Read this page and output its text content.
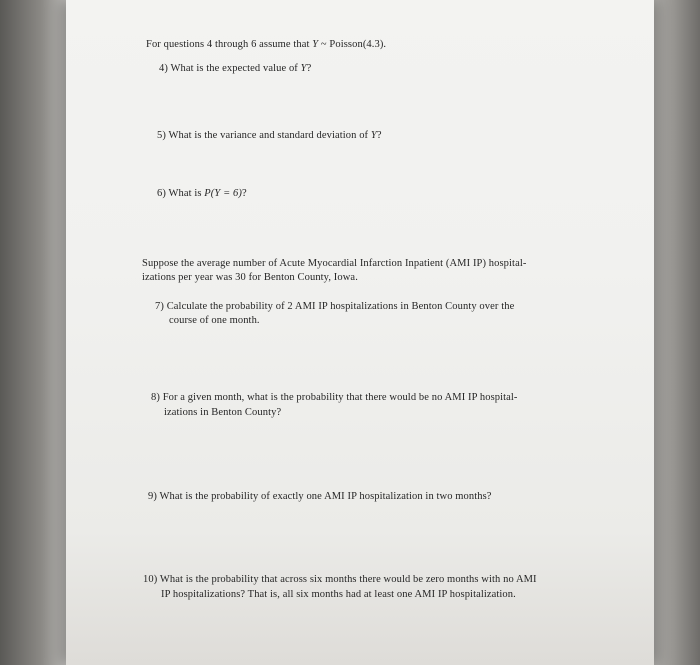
For questions 4 through 6 assume that Y ~ Poisson(4.3).
4) What is the expected value of Y?
5) What is the variance and standard deviation of Y?
6) What is P(Y = 6)?
Suppose the average number of Acute Myocardial Infarction Inpatient (AMI IP) hospital-
izations per year was 30 for Benton County, Iowa.
7) Calculate the probability of 2 AMI IP hospitalizations in Benton County over the
course of one month.
8) For a given month, what is the probability that there would be no AMI IP hospital-
izations in Benton County?
9) What is the probability of exactly one AMI IP hospitalization in two months?
10) What is the probability that across six months there would be zero months with no AMI
IP hospitalizations? That is, all six months had at least one AMI IP hospitalization.
